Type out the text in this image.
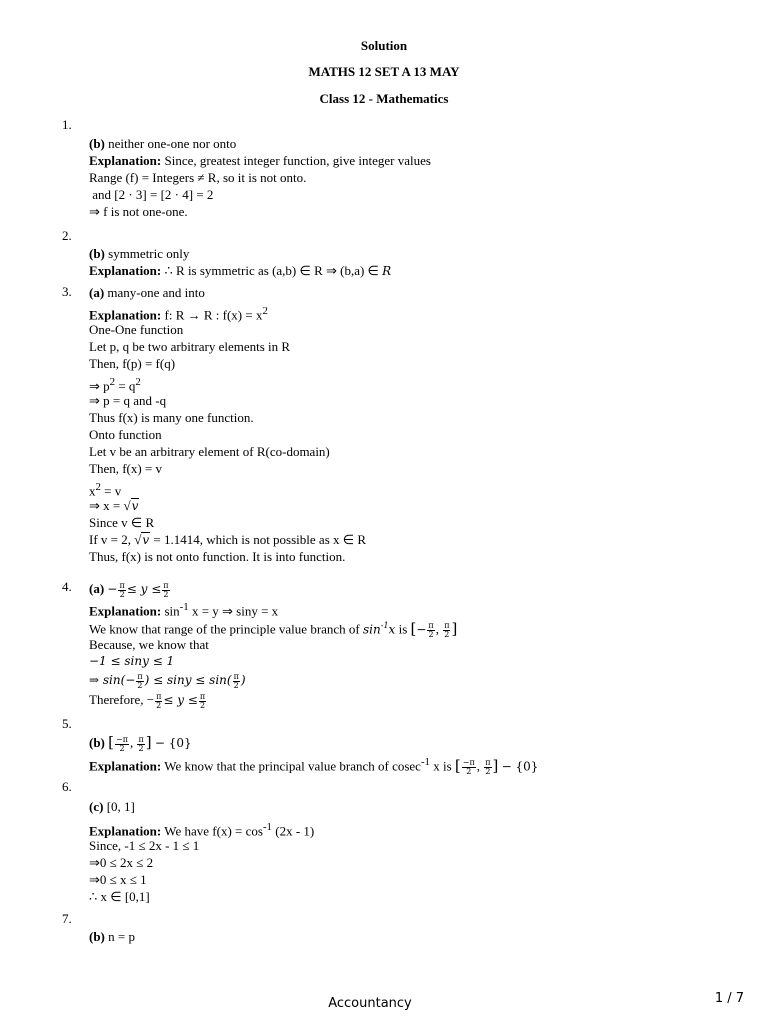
Solution
MATHS 12 SET A 13 MAY
Class 12 - Mathematics
1.
(b) neither one-one nor onto
Explanation: Since, greatest integer function, give integer values
Range (f) = Integers ≠ R, so it is not onto.
and [2 · 3] = [2 · 4] = 2
⇒ f is not one-one.
2.
(b) symmetric only
Explanation: ∴ R is symmetric as (a,b) ∈ R ⇒ (b,a) ∈ R
3. (a) many-one and into
Explanation: f: R → R : $f(x) = x^2$
One-One function
Let p, q be two arbitrary elements in R
Then, f(p) = f(q)
⇒ $p^2 = q^2$
⇒ p = q and -q
Thus f(x) is many one function.
Onto function
Let v be an arbitrary element of R(co-domain)
Then, f(x) = v
$x^2 = v$
⇒ x = √v
Since v ∈ R
If v = 2, √v = 1.1414, which is not possible as x ∈ R
Thus, f(x) is not onto function. It is into function.
4. $(a) - \frac{\pi}{2} \le y \le \frac{\pi}{2}$
Explanation: $\sin^{-1} x = y$ ⇒ siny = x
We know that range of the principle value branch of $\sin^{-1}x$ is [− $\frac{\pi}{2}$ , $\frac{\pi}{2}$ ]
Because, we know that
−1 ≤ siny ≤ 1
⇒ $\sin(- \frac{\pi}{2}$ ) ≤ $\sin y \le \sin( \frac{\pi}{2}$ )
Therefore, − $\frac{\pi}{2} \le y \le \frac{\pi}{2}$
5.
(b) [ $\frac{-\pi}{2}$ , $\frac{\pi}{2}$ ] − {0}
Explanation: We know that the principal value branch of cosec$^{-1}$ x is [ $\frac{-\pi}{2}$ , $\frac{\pi}{2}$ ] − {0}
6.
(c) [0, 1]
Explanation: We have $f(x) = \cos^{-1} (2x - 1)$
Since, -1 ≤ 2x - 1 ≤ 1
⇒0 ≤ 2x ≤ 2
⇒0 ≤ x ≤ 1
∴ x ∈ [0,1]
7.
(b) n = p
Accountancy	1 / 7
